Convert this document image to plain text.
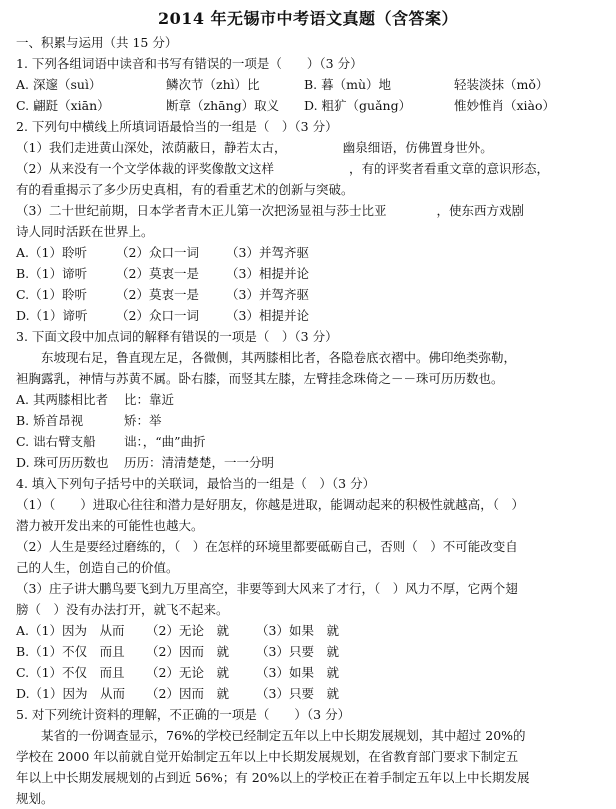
2014 年无锡市中考语文真题（含答案）
一、积累与运用（共 15 分）
1. 下列各组词语中读音和书写有错误的一项是（　　）（3 分）
A. 深邃（suì）	鳞次节（zhì）比	B. 暮（mù）地	轻装淡抹（mǒ）
C. 翩跹（xiān）	断章（zhāng）取义	D. 粗犷（guǎng）	惟妙惟肖（xiào）
2. 下列句中横线上所填词语最恰当的一组是（　）（3 分）
（1）我们走进黄山深处，浓荫蔽日，静若太古，　　　　　幽泉细语，仿佛置身世外。
（2）从来没有一个文学体裁的评奖像散文这样　　　　　　，有的评奖者看重文章的意识形态，
有的看重揭示了多少历史真相，有的看重艺术的创新与突破。
（3）二十世纪前期，日本学者青木正儿第一次把汤显祖与莎士比亚　　　　，使东西方戏剧
诗人同时活跃在世界上。
A.（1）聆听	（2）众口一词	（3）并驾齐驱
B.（1）谛听	（2）莫衷一是	（3）相提并论
C.（1）聆听	（2）莫衷一是	（3）并驾齐驱
D.（1）谛听	（2）众口一词	（3）相提并论
3. 下面文段中加点词的解释有错误的一项是（　）（3 分）
东坡现右足，鲁直现左足，各微侧，其两膝相比者，各隐卷底衣褶中。佛印绝类弥勒，
袒胸露乳，神情与苏黄不属。卧右膝，而竖其左膝，左臂挂念珠倚之－－珠可历历数也。
A. 其两膝相比者	比：靠近
B. 矫首昂视	矫：举
C. 诎右臂支船	诎：，“曲”曲折
D. 珠可历历数也	历历：清清楚楚，一一分明
4. 填入下列句子括号中的关联词，最恰当的一组是（　）（3 分）
（1）（　　）进取心往往和潜力是好朋友，你越是进取，能调动起来的积极性就越高，（　）
潜力被开发出来的可能性也越大。
（2）人生是要经过磨练的，（　）在怎样的环境里都要砥砺自己，否则（　）不可能改变自
己的人生，创造自己的价值。
（3）庄子讲大鹏鸟要飞到九万里高空，非要等到大风来了才行，（　）风力不厚，它两个翅
膀（　）没有办法打开，就飞不起来。
A.（1）因为　从而	（2）无论　就	（3）如果　就
B.（1）不仅　而且	（2）因而　就	（3）只要　就
C.（1）不仅　而且	（2）无论　就	（3）如果　就
D.（1）因为　从而	（2）因而　就	（3）只要　就
5. 对下列统计资料的理解，不正确的一项是（　　）（3 分）
某省的一份调查显示，76%的学校已经制定五年以上中长期发展规划，其中超过 20%的
学校在 2000 年以前就自觉开始制定五年以上中长期发展规划，在省教育部门要求下制定五
年以上中长期发展规划的占到近 56%；有 20%以上的学校正在着手制定五年以上中长期发展
规划。
